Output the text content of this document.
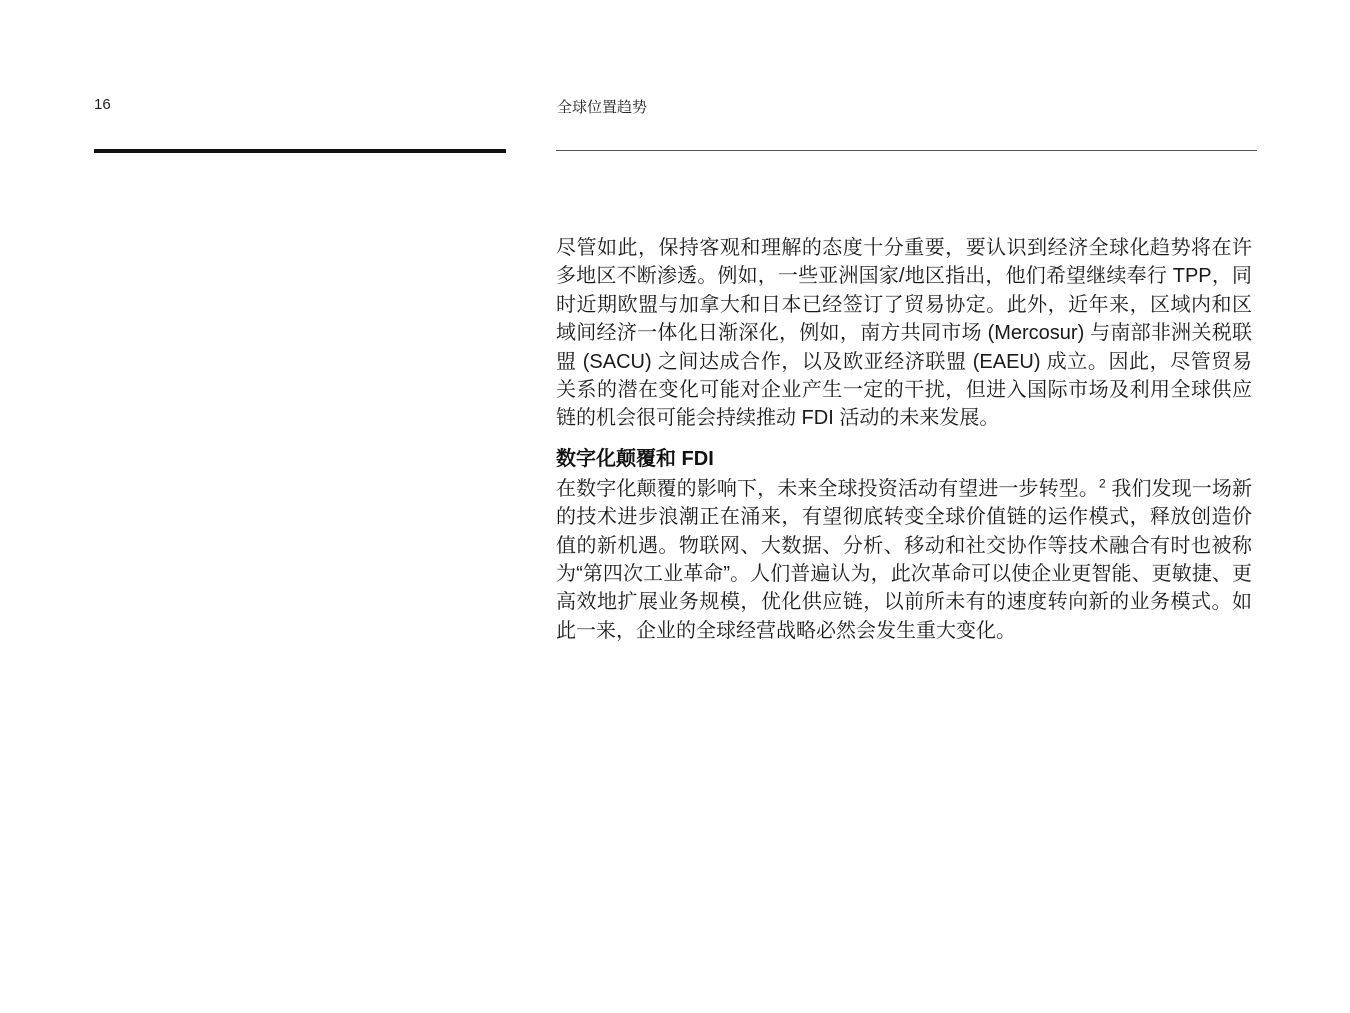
16	全球位置趋势

尽管如此，保持客观和理解的态度十分重要，要认识到经济全球化趋势将在许多地区不断渗透。例如，一些亚洲国家/地区指出，他们希望继续奉行 TPP，同时近期欧盟与加拿大和日本已经签订了贸易协定。此外，近年来，区域内和区域间经济一体化日渐深化，例如，南方共同市场 (Mercosur) 与南部非洲关税联盟 (SACU) 之间达成合作，以及欧亚经济联盟 (EAEU) 成立。因此，尽管贸易关系的潜在变化可能对企业产生一定的干扰，但进入国际市场及利用全球供应链的机会很可能会持续推动 FDI 活动的未来发展。

数字化颠覆和 FDI

在数字化颠覆的影响下，未来全球投资活动有望进一步转型。$^2$ 我们发现一场新的技术进步浪潮正在涌来，有望彻底转变全球价值链的运作模式，释放创造价值的新机遇。物联网、大数据、分析、移动和社交协作等技术融合有时也被称为“第四次工业革命”。人们普遍认为，此次革命可以使企业更智能、更敏捷、更高效地扩展业务规模，优化供应链，以前所未有的速度转向新的业务模式。如此一来，企业的全球经营战略必然会发生重大变化。
